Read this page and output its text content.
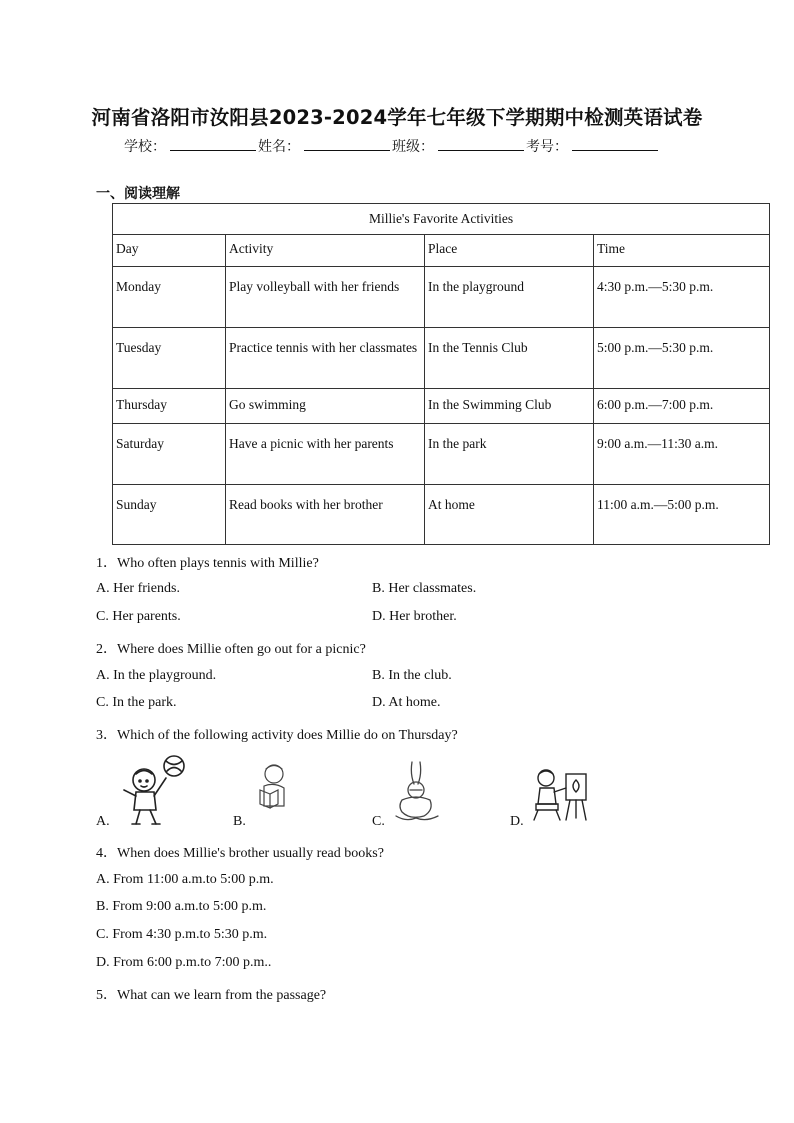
河南省洛阳市汝阳县2023-2024学年七年级下学期期中检测英语试卷
学校：	姓名：	班级：	考号：
一、阅读理解
Millie's Favorite Activities			
Day	Activity	Place	Time
Monday	Play volleyball with her friends	In the playground	4:30 p.m.—5:30 p.m.
Tuesday	Practice tennis with her classmates	In the Tennis Club	5:00 p.m.—5:30 p.m.
Thursday	Go swimming	In the Swimming Club	6:00 p.m.—7:00 p.m.
Saturday	Have a picnic with her parents	In the park	9:00 a.m.—11:30 a.m.
Sunday	Read books with her brother	At home	11:00 a.m.—5:00 p.m.
1．Who often plays tennis with Millie?
A. Her friends.	B. Her classmates.
C. Her parents.	D. Her brother.
2．Where does Millie often go out for a picnic?
A. In the playground.	B. In the club.
C. In the park.	D. At home.
3．Which of the following activity does Millie do on Thursday?
A.	B.	C.	D.
4．When does Millie's brother usually read books?
A. From 11:00 a.m.to 5:00 p.m.
B. From 9:00 a.m.to 5:00 p.m.
C. From 4:30 p.m.to 5:30 p.m.
D. From 6:00 p.m.to 7:00 p.m..
5．What can we learn from the passage?
